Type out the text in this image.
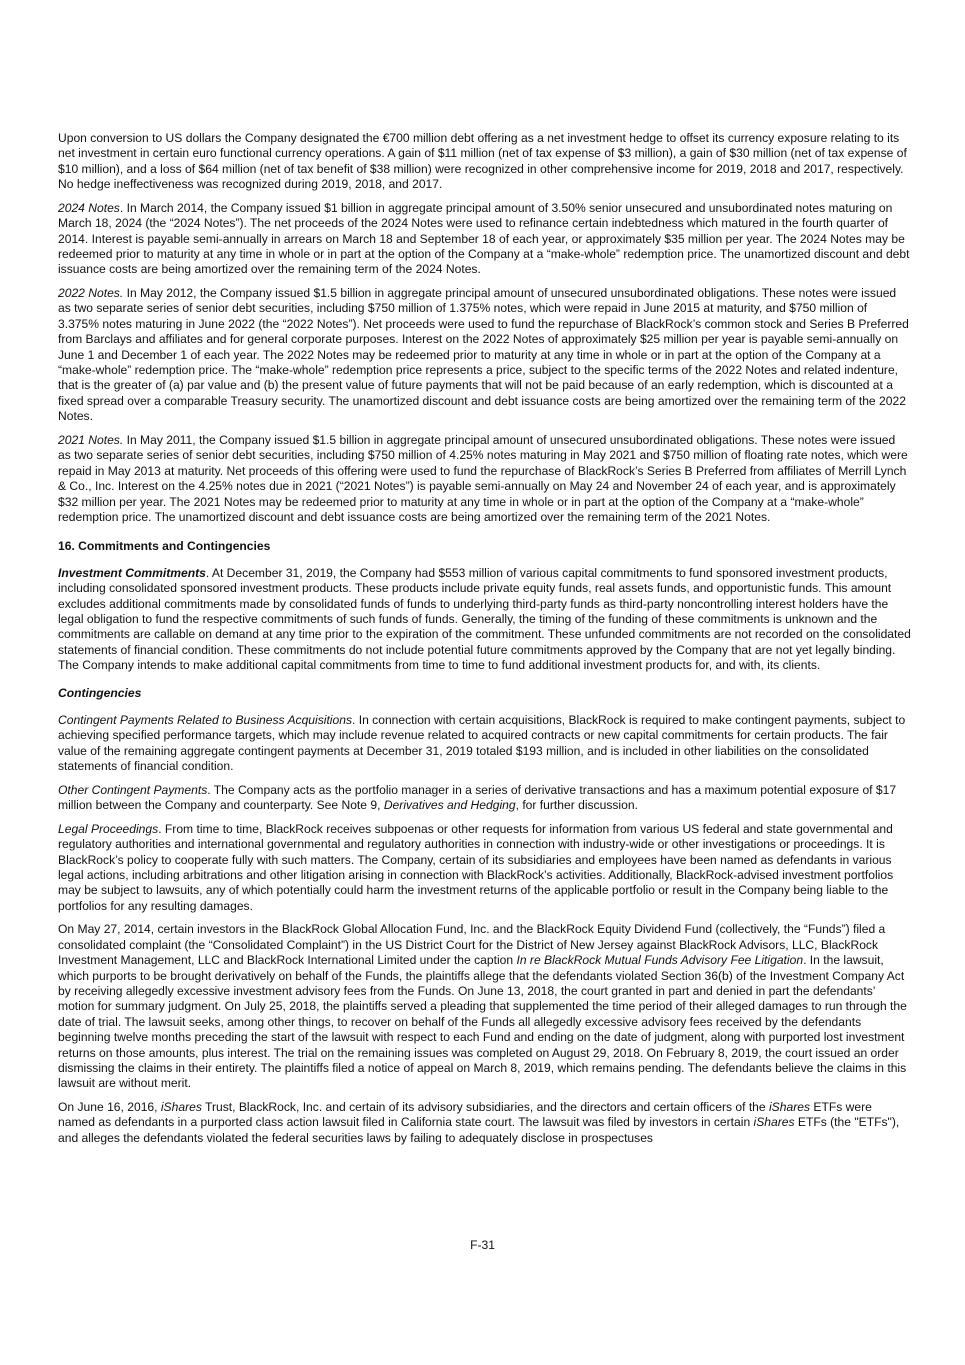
Upon conversion to US dollars the Company designated the €700 million debt offering as a net investment hedge to offset its currency exposure relating to its net investment in certain euro functional currency operations. A gain of $11 million (net of tax expense of $3 million), a gain of $30 million (net of tax expense of $10 million), and a loss of $64 million (net of tax benefit of $38 million) were recognized in other comprehensive income for 2019, 2018 and 2017, respectively. No hedge ineffectiveness was recognized during 2019, 2018, and 2017.

2024 Notes. In March 2014, the Company issued $1 billion in aggregate principal amount of 3.50% senior unsecured and unsubordinated notes maturing on March 18, 2024 (the “2024 Notes”). The net proceeds of the 2024 Notes were used to refinance certain indebtedness which matured in the fourth quarter of 2014. Interest is payable semi-annually in arrears on March 18 and September 18 of each year, or approximately $35 million per year. The 2024 Notes may be redeemed prior to maturity at any time in whole or in part at the option of the Company at a “make-whole” redemption price. The unamortized discount and debt issuance costs are being amortized over the remaining term of the 2024 Notes.

2022 Notes. In May 2012, the Company issued $1.5 billion in aggregate principal amount of unsecured unsubordinated obligations. These notes were issued as two separate series of senior debt securities, including $750 million of 1.375% notes, which were repaid in June 2015 at maturity, and $750 million of 3.375% notes maturing in June 2022 (the “2022 Notes”). Net proceeds were used to fund the repurchase of BlackRock’s common stock and Series B Preferred from Barclays and affiliates and for general corporate purposes. Interest on the 2022 Notes of approximately $25 million per year is payable semi-annually on June 1 and December 1 of each year. The 2022 Notes may be redeemed prior to maturity at any time in whole or in part at the option of the Company at a “make-whole” redemption price. The “make-whole” redemption price represents a price, subject to the specific terms of the 2022 Notes and related indenture, that is the greater of (a) par value and (b) the present value of future payments that will not be paid because of an early redemption, which is discounted at a fixed spread over a comparable Treasury security. The unamortized discount and debt issuance costs are being amortized over the remaining term of the 2022 Notes.

2021 Notes. In May 2011, the Company issued $1.5 billion in aggregate principal amount of unsecured unsubordinated obligations. These notes were issued as two separate series of senior debt securities, including $750 million of 4.25% notes maturing in May 2021 and $750 million of floating rate notes, which were repaid in May 2013 at maturity. Net proceeds of this offering were used to fund the repurchase of BlackRock’s Series B Preferred from affiliates of Merrill Lynch & Co., Inc. Interest on the 4.25% notes due in 2021 (“2021 Notes”) is payable semi-annually on May 24 and November 24 of each year, and is approximately $32 million per year. The 2021 Notes may be redeemed prior to maturity at any time in whole or in part at the option of the Company at a “make-whole” redemption price. The unamortized discount and debt issuance costs are being amortized over the remaining term of the 2021 Notes.

16. Commitments and Contingencies

Investment Commitments. At December 31, 2019, the Company had $553 million of various capital commitments to fund sponsored investment products, including consolidated sponsored investment products. These products include private equity funds, real assets funds, and opportunistic funds. This amount excludes additional commitments made by consolidated funds of funds to underlying third-party funds as third-party noncontrolling interest holders have the legal obligation to fund the respective commitments of such funds of funds. Generally, the timing of the funding of these commitments is unknown and the commitments are callable on demand at any time prior to the expiration of the commitment. These unfunded commitments are not recorded on the consolidated statements of financial condition. These commitments do not include potential future commitments approved by the Company that are not yet legally binding. The Company intends to make additional capital commitments from time to time to fund additional investment products for, and with, its clients.

Contingencies

Contingent Payments Related to Business Acquisitions. In connection with certain acquisitions, BlackRock is required to make contingent payments, subject to achieving specified performance targets, which may include revenue related to acquired contracts or new capital commitments for certain products. The fair value of the remaining aggregate contingent payments at December 31, 2019 totaled $193 million, and is included in other liabilities on the consolidated statements of financial condition.

Other Contingent Payments. The Company acts as the portfolio manager in a series of derivative transactions and has a maximum potential exposure of $17 million between the Company and counterparty. See Note 9, Derivatives and Hedging, for further discussion.

Legal Proceedings. From time to time, BlackRock receives subpoenas or other requests for information from various US federal and state governmental and regulatory authorities and international governmental and regulatory authorities in connection with industry-wide or other investigations or proceedings. It is BlackRock’s policy to cooperate fully with such matters. The Company, certain of its subsidiaries and employees have been named as defendants in various legal actions, including arbitrations and other litigation arising in connection with BlackRock’s activities. Additionally, BlackRock-advised investment portfolios may be subject to lawsuits, any of which potentially could harm the investment returns of the applicable portfolio or result in the Company being liable to the portfolios for any resulting damages.

On May 27, 2014, certain investors in the BlackRock Global Allocation Fund, Inc. and the BlackRock Equity Dividend Fund (collectively, the “Funds”) filed a consolidated complaint (the “Consolidated Complaint”) in the US District Court for the District of New Jersey against BlackRock Advisors, LLC, BlackRock Investment Management, LLC and BlackRock International Limited under the caption In re BlackRock Mutual Funds Advisory Fee Litigation. In the lawsuit, which purports to be brought derivatively on behalf of the Funds, the plaintiffs allege that the defendants violated Section 36(b) of the Investment Company Act by receiving allegedly excessive investment advisory fees from the Funds. On June 13, 2018, the court granted in part and denied in part the defendants’ motion for summary judgment. On July 25, 2018, the plaintiffs served a pleading that supplemented the time period of their alleged damages to run through the date of trial. The lawsuit seeks, among other things, to recover on behalf of the Funds all allegedly excessive advisory fees received by the defendants beginning twelve months preceding the start of the lawsuit with respect to each Fund and ending on the date of judgment, along with purported lost investment returns on those amounts, plus interest. The trial on the remaining issues was completed on August 29, 2018. On February 8, 2019, the court issued an order dismissing the claims in their entirety. The plaintiffs filed a notice of appeal on March 8, 2019, which remains pending. The defendants believe the claims in this lawsuit are without merit.

On June 16, 2016, iShares Trust, BlackRock, Inc. and certain of its advisory subsidiaries, and the directors and certain officers of the iShares ETFs were named as defendants in a purported class action lawsuit filed in California state court. The lawsuit was filed by investors in certain iShares ETFs (the "ETFs"), and alleges the defendants violated the federal securities laws by failing to adequately disclose in prospectuses

F-31
